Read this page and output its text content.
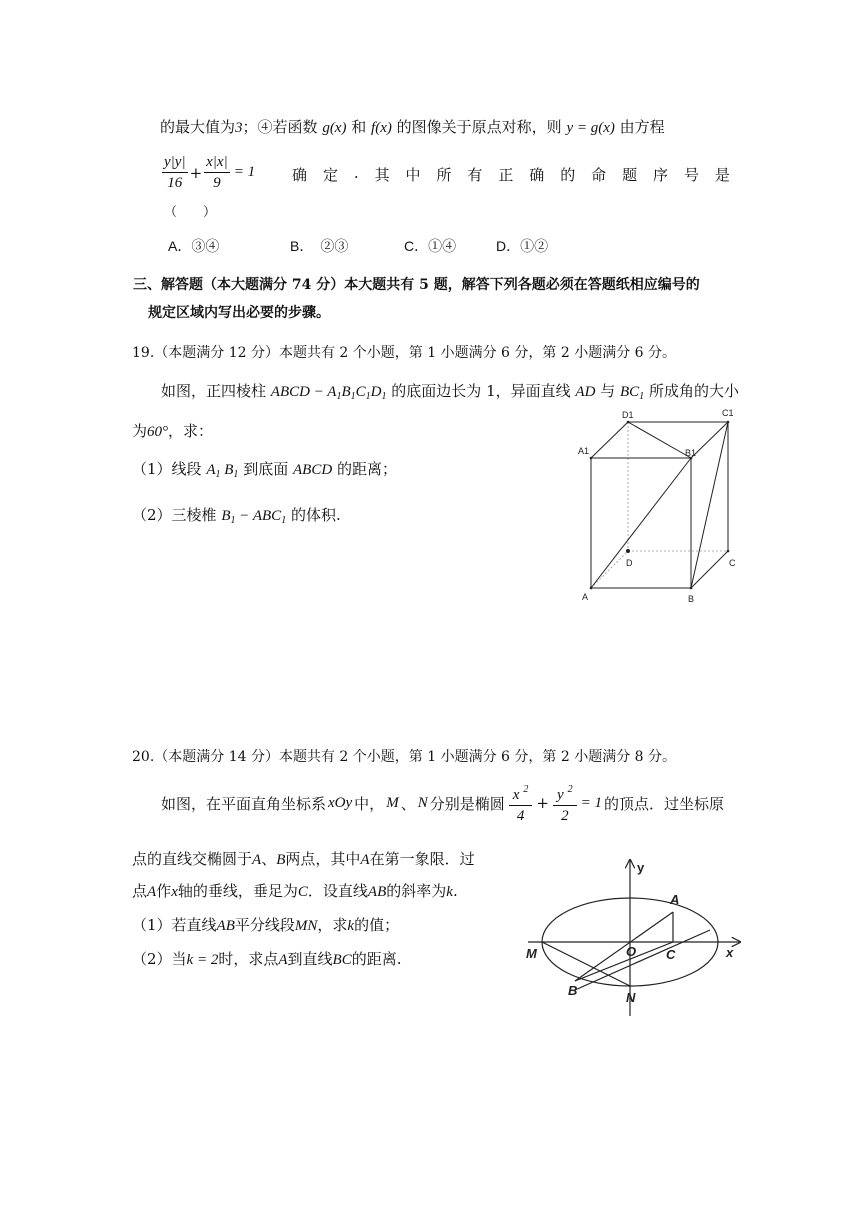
的最大值为3；④若函数 g(x) 和 f(x) 的图像关于原点对称，则 y = g(x) 由方程
$\frac{y|y|}{16} + \frac{x|x|}{9} = 1$ 确 定 . 其 中 所 有 正 确 的 命 题 序 号 是
（　　）
A．③④	B．　②③	C．①④	D．①②
三、解答题（本大题满分 74 分）本大题共有 5 题，解答下列各题必须在答题纸相应编号的
规定区域内写出必要的步骤。
19.（本题满分 12 分）本题共有 2 个小题，第 1 小题满分 6 分，第 2 小题满分 6 分。
如图，正四棱柱 ABCD − $A_1B_1C_1D_1$ 的底面边长为 1，异面直线 AD 与 $BC_1$ 所成角的大小
为60°，求：
（1）线段 $A_1$ $B_1$ 到底面 ABCD 的距离；
（2）三棱椎 $B_1 - ABC_1$ 的体积.
D1	C1
A1	B1
D	C
A	B
20.（本题满分 14 分）本题共有 2 个小题，第 1 小题满分 6 分，第 2 小题满分 8 分。
如图，在平面直角坐标系 xOy 中， M 、 N 分别是椭圆 $\frac{x ^2}{4} + \frac{y ^2}{2} = 1$ 的顶点．过坐标原
点的直线交椭圆于A、B两点，其中A在第一象限．过
点A作x轴的垂线，垂足为C．设直线AB的斜率为k.
（1）若直线AB平分线段MN，求k的值；
（2）当k = 2时，求点A到直线BC的距离.
y
x
A
M	O C
B	N
